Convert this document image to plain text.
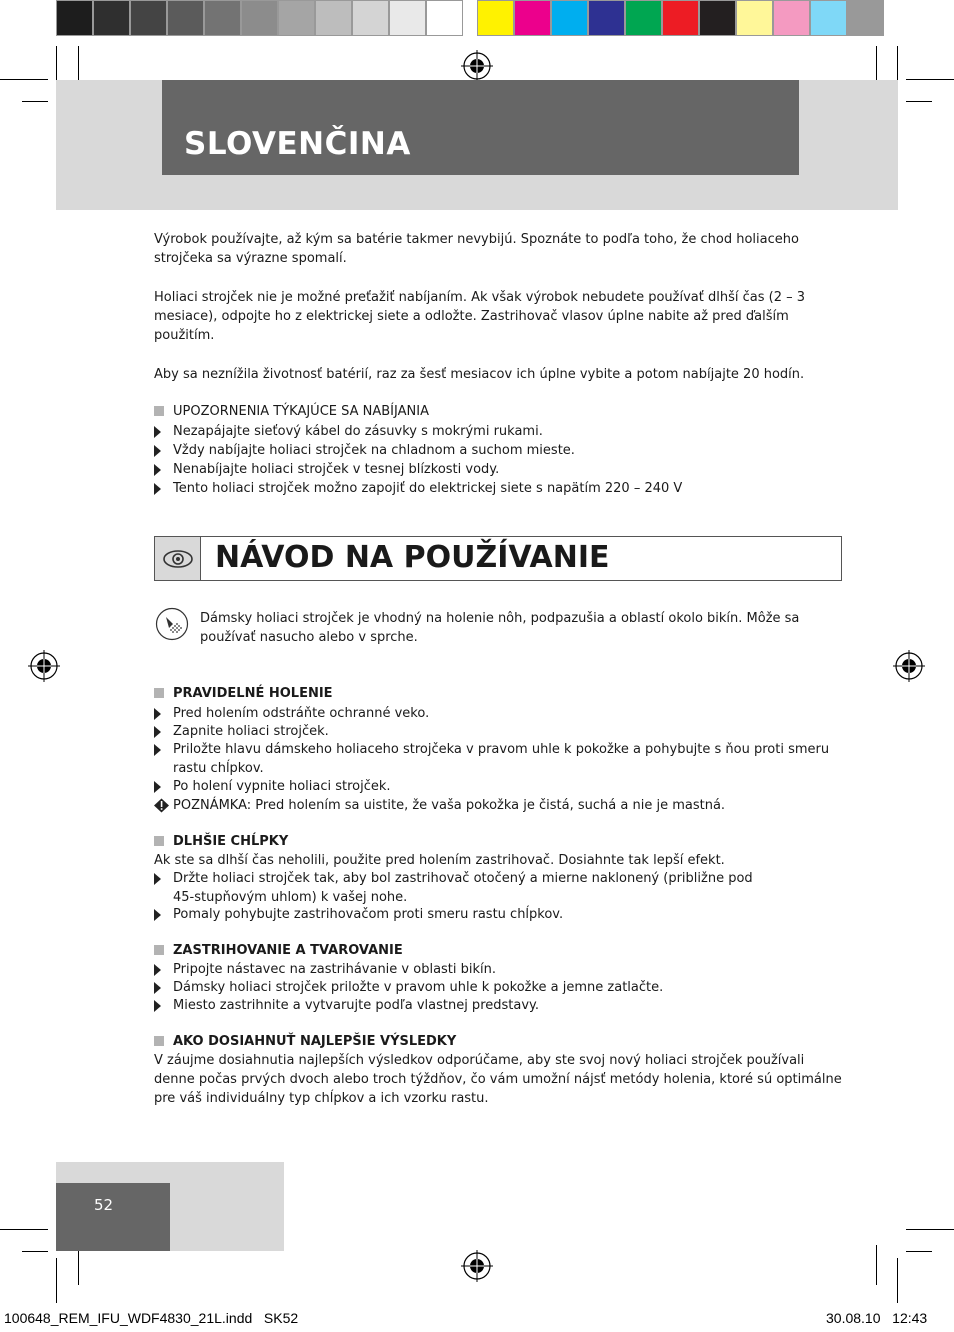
SLOVENČINA
Výrobok používajte, až kým sa batérie takmer nevybijú. Spoznáte to podľa toho, že chod holiaceho strojčeka sa výrazne spomalí.
Holiaci strojček nie je možné preťažiť nabíjaním. Ak však výrobok nebudete používať dlhší čas (2 – 3 mesiace), odpojte ho z elektrickej siete a odložte. Zastrihovač vlasov úplne nabite až pred ďalším použitím.
Aby sa neznížila životnosť batérií, raz za šesť mesiacov ich úplne vybite a potom nabíjajte 20 hodín.
UPOZORNENIA TÝKAJÚCE SA NABÍJANIA
Nezapájajte sieťový kábel do zásuvky s mokrými rukami.
Vždy nabíjajte holiaci strojček na chladnom a suchom mieste.
Nenabíjajte holiaci strojček v tesnej blízkosti vody.
Tento holiaci strojček možno zapojiť do elektrickej siete s napätím 220 – 240 V
NÁVOD NA POUŽÍVANIE
Dámsky holiaci strojček je vhodný na holenie nôh, podpazušia a oblastí okolo bikín. Môže sa používať nasucho alebo v sprche.
PRAVIDELNÉ HOLENIE
Pred holením odstráňte ochranné veko.
Zapnite holiaci strojček.
Priložte hlavu dámskeho holiaceho strojčeka v pravom uhle k pokožke a pohybujte s ňou proti smeru rastu chĺpkov.
Po holení vypnite holiaci strojček.
POZNÁMKA: Pred holením sa uistite, že vaša pokožka je čistá, suchá a nie je mastná.
DLHŠIE CHĹPKY
Ak ste sa dlhší čas neholili, použite pred holením zastrihovač. Dosiahnte tak lepší efekt.
Držte holiaci strojček tak, aby bol zastrihovač otočený a mierne naklonený (približne pod 45-stupňovým uhlom) k vašej nohe.
Pomaly pohybujte zastrihovačom proti smeru rastu chĺpkov.
ZASTRIHOVANIE A TVAROVANIE
Pripojte nástavec na zastrihávanie v oblasti bikín.
Dámsky holiaci strojček priložte v pravom uhle k pokožke a jemne zatlačte.
Miesto zastrihnite a vytvarujte podľa vlastnej predstavy.
AKO DOSIAHNUŤ NAJLEPŠIE VÝSLEDKY
V záujme dosiahnutia najlepších výsledkov odporúčame, aby ste svoj nový holiaci strojček používali denne počas prvých dvoch alebo troch týždňov, čo vám umožní nájsť metódy holenia, ktoré sú optimálne pre váš individuálny typ chĺpkov a ich vzorku rastu.
52
100648_REM_IFU_WDF4830_21L.indd   SK52	30.08.10   12:43
